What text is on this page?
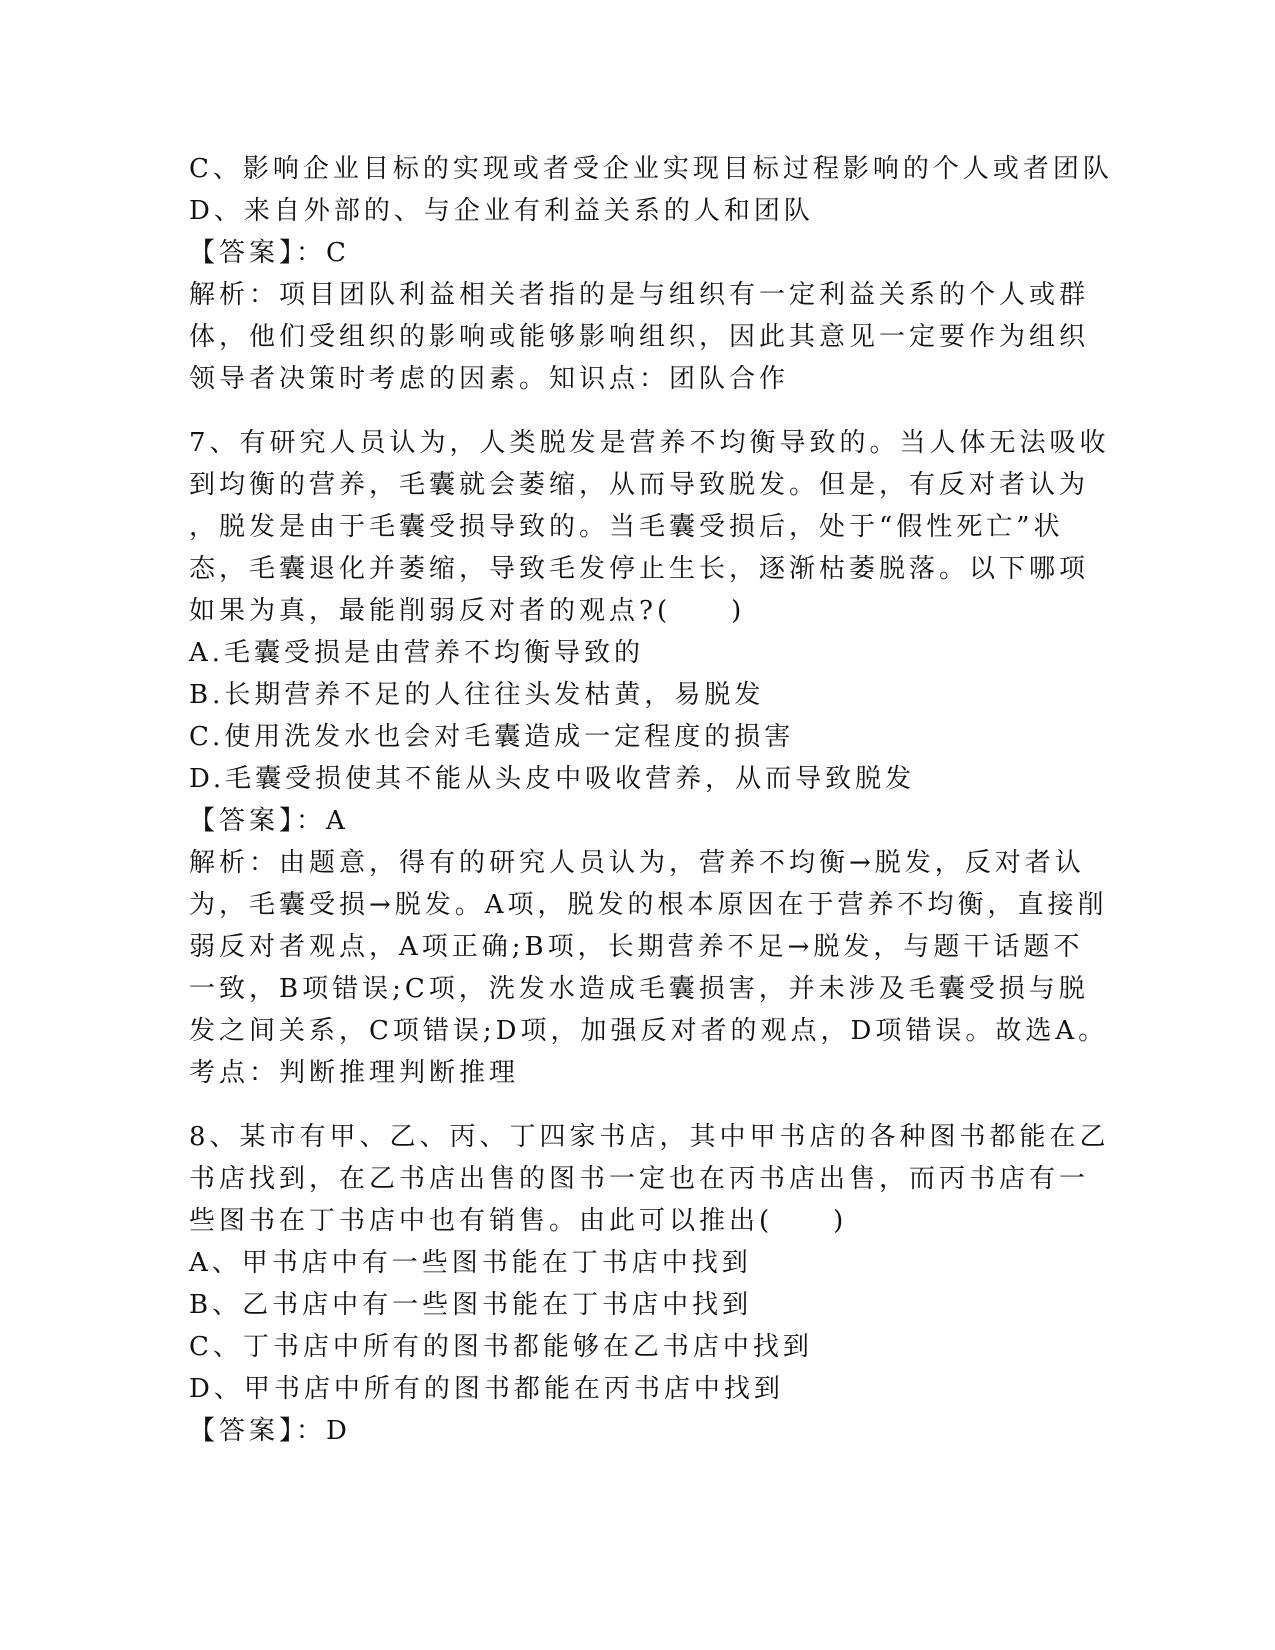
C、影响企业目标的实现或者受企业实现目标过程影响的个人或者团队
D、来自外部的、与企业有利益关系的人和团队
【答案】：C
解析：项目团队利益相关者指的是与组织有一定利益关系的个人或群
体，他们受组织的影响或能够影响组织，因此其意见一定要作为组织
领导者决策时考虑的因素。知识点：团队合作
7、有研究人员认为，人类脱发是营养不均衡导致的。当人体无法吸收
到均衡的营养，毛囊就会萎缩，从而导致脱发。但是，有反对者认为
，脱发是由于毛囊受损导致的。当毛囊受损后，处于“假性死亡”状
态，毛囊退化并萎缩，导致毛发停止生长，逐渐枯萎脱落。以下哪项
如果为真，最能削弱反对者的观点?(　　)
A.毛囊受损是由营养不均衡导致的
B.长期营养不足的人往往头发枯黄，易脱发
C.使用洗发水也会对毛囊造成一定程度的损害
D.毛囊受损使其不能从头皮中吸收营养，从而导致脱发
【答案】：A
解析：由题意，得有的研究人员认为，营养不均衡→脱发，反对者认
为，毛囊受损→脱发。A项，脱发的根本原因在于营养不均衡，直接削
弱反对者观点，A项正确;B项，长期营养不足→脱发，与题干话题不
一致，B项错误;C项，洗发水造成毛囊损害，并未涉及毛囊受损与脱
发之间关系，C项错误;D项，加强反对者的观点，D项错误。故选A。
考点：判断推理判断推理
8、某市有甲、乙、丙、丁四家书店，其中甲书店的各种图书都能在乙
书店找到，在乙书店出售的图书一定也在丙书店出售，而丙书店有一
些图书在丁书店中也有销售。由此可以推出(　　)
A、甲书店中有一些图书能在丁书店中找到
B、乙书店中有一些图书能在丁书店中找到
C、丁书店中所有的图书都能够在乙书店中找到
D、甲书店中所有的图书都能在丙书店中找到
【答案】：D
